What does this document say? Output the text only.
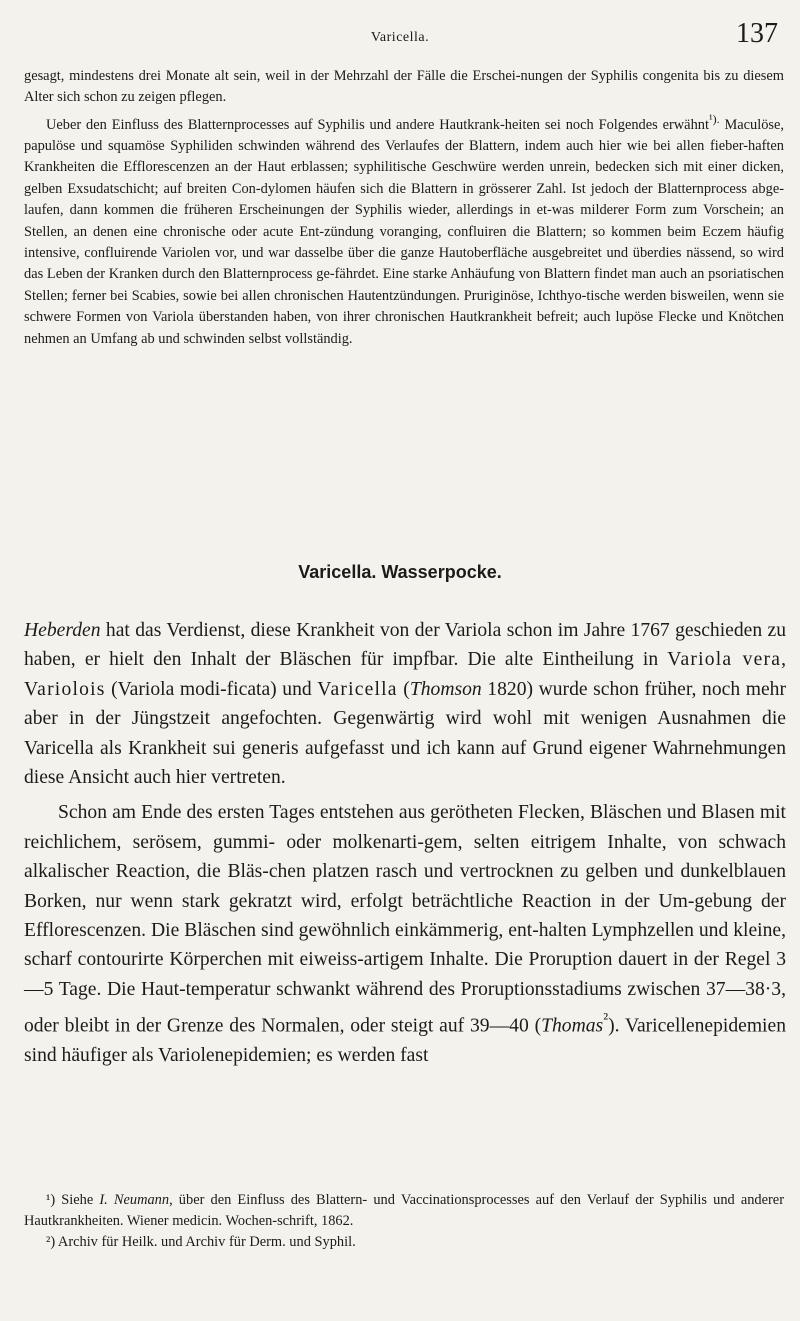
Varicella.	137

gesagt, mindestens drei Monate alt sein, weil in der Mehrzahl der Fälle die Erschei-nungen der Syphilis congenita bis zu diesem Alter sich schon zu zeigen pflegen.

Ueber den Einfluss des Blatternprocesses auf Syphilis und andere Hautkrank-heiten sei noch Folgendes erwähnt$^{^1).}$ Maculöse, papulöse und squamöse Syphiliden schwinden während des Verlaufes der Blattern, indem auch hier wie bei allen fieber-haften Krankheiten die Efflorescenzen an der Haut erblassen; syphilitische Geschwüre werden unrein, bedecken sich mit einer dicken, gelben Exsudatschicht; auf breiten Con-dylomen häufen sich die Blattern in grösserer Zahl. Ist jedoch der Blatternprocess abge-laufen, dann kommen die früheren Erscheinungen der Syphilis wieder, allerdings in et-was milderer Form zum Vorschein; an Stellen, an denen eine chronische oder acute Ent-zündung voranging, confluiren die Blattern; so kommen beim Eczem häufig intensive, confluirende Variolen vor, und war dasselbe über die ganze Hautoberfläche ausgebreitet und überdies nässend, so wird das Leben der Kranken durch den Blatternprocess ge-fährdet. Eine starke Anhäufung von Blattern findet man auch an psoriatischen Stellen; ferner bei Scabies, sowie bei allen chronischen Hautentzündungen. Pruriginöse, Ichthyo-tische werden bisweilen, wenn sie schwere Formen von Variola überstanden haben, von ihrer chronischen Hautkrankheit befreit; auch lupöse Flecke und Knötchen nehmen an Umfang ab und schwinden selbst vollständig.

Varicella. Wasserpocke.

Heberden hat das Verdienst, diese Krankheit von der Variola schon im Jahre 1767 geschieden zu haben, er hielt den Inhalt der Bläschen für impfbar. Die alte Eintheilung in Variola vera, Variolois (Variola modi-ficata) und Varicella (Thomson 1820) wurde schon früher, noch mehr aber in der Jüngstzeit angefochten. Gegenwärtig wird wohl mit wenigen Ausnahmen die Varicella als Krankheit sui generis aufgefasst und ich kann auf Grund eigener Wahrnehmungen diese Ansicht auch hier vertreten.

Schon am Ende des ersten Tages entstehen aus gerötheten Flecken, Bläschen und Blasen mit reichlichem, serösem, gummi- oder molkenarti-gem, selten eitrigem Inhalte, von schwach alkalischer Reaction, die Bläs-chen platzen rasch und vertrocknen zu gelben und dunkelblauen Borken, nur wenn stark gekratzt wird, erfolgt beträchtliche Reaction in der Um-gebung der Efflorescenzen. Die Bläschen sind gewöhnlich einkämmerig, ent-halten Lymphzellen und kleine, scharf contourirte Körperchen mit eiweiss-artigem Inhalte. Die Proruption dauert in der Regel 3—5 Tage. Die Haut-temperatur schwankt während des Proruptionsstadiums zwischen 37—38·3, oder bleibt in der Grenze des Normalen, oder steigt auf 39—40 (Thomas$^{^2}$). Varicellenepidemien sind häufiger als Variolenepidemien; es werden fast

¹) Siehe I. Neumann, über den Einfluss des Blattern- und Vaccinationsprocesses auf den Verlauf der Syphilis und anderer Hautkrankheiten. Wiener medicin. Wochen-schrift, 1862.

²) Archiv für Heilk. und Archiv für Derm. und Syphil.
